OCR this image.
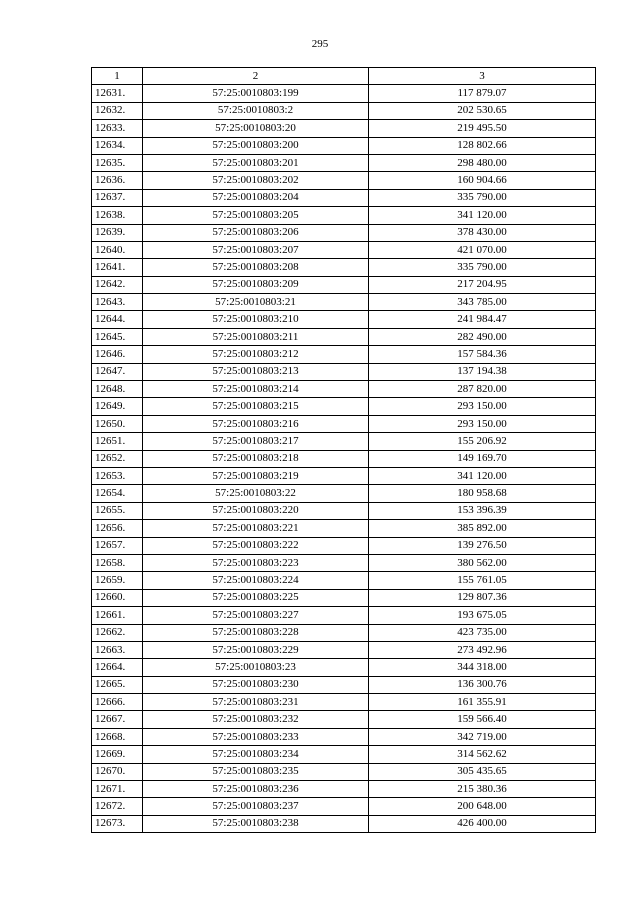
295
1	2	3
12631.	57:25:0010803:199	117 879.07
12632.	57:25:0010803:2	202 530.65
12633.	57:25:0010803:20	219 495.50
12634.	57:25:0010803:200	128 802.66
12635.	57:25:0010803:201	298 480.00
12636.	57:25:0010803:202	160 904.66
12637.	57:25:0010803:204	335 790.00
12638.	57:25:0010803:205	341 120.00
12639.	57:25:0010803:206	378 430.00
12640.	57:25:0010803:207	421 070.00
12641.	57:25:0010803:208	335 790.00
12642.	57:25:0010803:209	217 204.95
12643.	57:25:0010803:21	343 785.00
12644.	57:25:0010803:210	241 984.47
12645.	57:25:0010803:211	282 490.00
12646.	57:25:0010803:212	157 584.36
12647.	57:25:0010803:213	137 194.38
12648.	57:25:0010803:214	287 820.00
12649.	57:25:0010803:215	293 150.00
12650.	57:25:0010803:216	293 150.00
12651.	57:25:0010803:217	155 206.92
12652.	57:25:0010803:218	149 169.70
12653.	57:25:0010803:219	341 120.00
12654.	57:25:0010803:22	180 958.68
12655.	57:25:0010803:220	153 396.39
12656.	57:25:0010803:221	385 892.00
12657.	57:25:0010803:222	139 276.50
12658.	57:25:0010803:223	380 562.00
12659.	57:25:0010803:224	155 761.05
12660.	57:25:0010803:225	129 807.36
12661.	57:25:0010803:227	193 675.05
12662.	57:25:0010803:228	423 735.00
12663.	57:25:0010803:229	273 492.96
12664.	57:25:0010803:23	344 318.00
12665.	57:25:0010803:230	136 300.76
12666.	57:25:0010803:231	161 355.91
12667.	57:25:0010803:232	159 566.40
12668.	57:25:0010803:233	342 719.00
12669.	57:25:0010803:234	314 562.62
12670.	57:25:0010803:235	305 435.65
12671.	57:25:0010803:236	215 380.36
12672.	57:25:0010803:237	200 648.00
12673.	57:25:0010803:238	426 400.00
